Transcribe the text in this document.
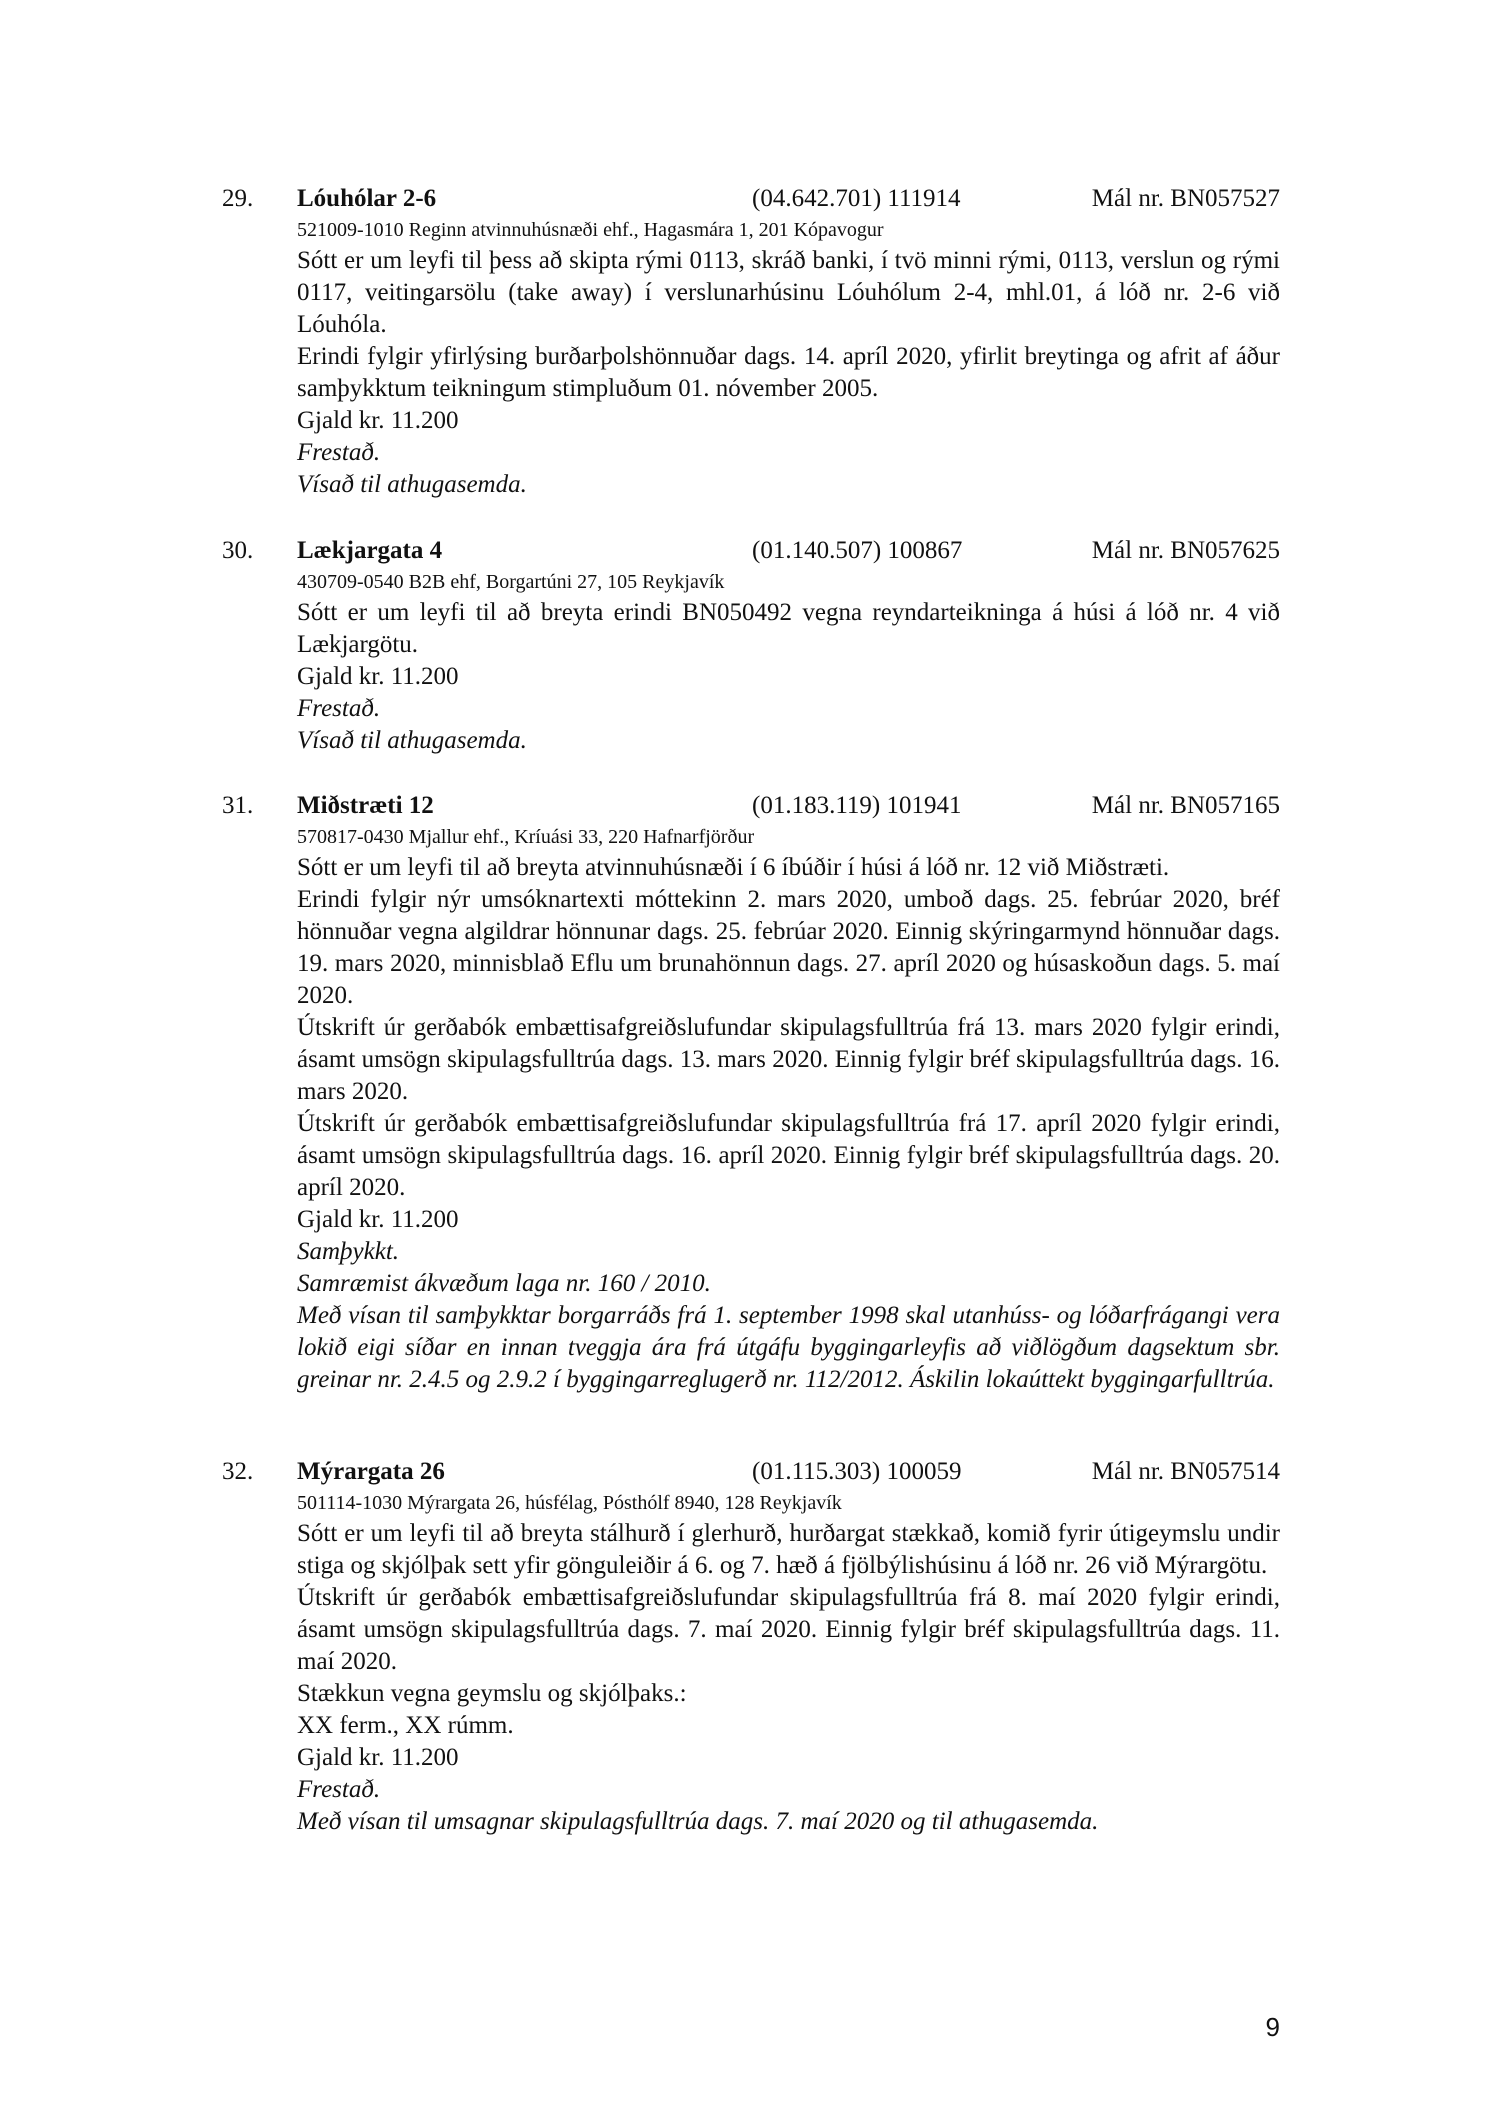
29. Lóuhólar 2-6	(04.642.701) 111914	Mál nr. BN057527
521009-1010 Reginn atvinnuhúsnæði ehf., Hagasmára 1, 201 Kópavogur
Sótt er um leyfi til þess að skipta rými 0113, skráð banki, í tvö minni rými, 0113, verslun og rými 0117, veitingarsölu (take away) í verslunarhúsinu Lóuhólum 2-4, mhl.01, á lóð nr. 2-6 við Lóuhóla.
Erindi fylgir yfirlýsing burðarþolshönnuðar dags. 14. apríl 2020, yfirlit breytinga og afrit af áður samþykktum teikningum stimpluðum 01. nóvember 2005.
Gjald kr. 11.200
Frestað.
Vísað til athugasemda.
30. Lækjargata 4	(01.140.507) 100867	Mál nr. BN057625
430709-0540 B2B ehf, Borgartúni 27, 105 Reykjavík
Sótt er um leyfi til að breyta erindi BN050492 vegna reyndarteikninga á húsi á lóð nr. 4 við Lækjargötu.
Gjald kr. 11.200
Frestað.
Vísað til athugasemda.
31. Miðstræti 12	(01.183.119) 101941	Mál nr. BN057165
570817-0430 Mjallur ehf., Kríuási 33, 220 Hafnarfjörður
Sótt er um leyfi til að breyta atvinnuhúsnæði í 6 íbúðir í húsi á lóð nr. 12 við Miðstræti.
Erindi fylgir nýr umsóknartexti móttekinn 2. mars 2020, umboð dags. 25. febrúar 2020, bréf hönnuðar vegna algildrar hönnunar dags. 25. febrúar 2020. Einnig skýringarmynd hönnuðar dags. 19. mars 2020, minnisblað Eflu um brunahönnun dags. 27. apríl 2020 og húsaskoðun dags. 5. maí 2020.
Útskrift úr gerðabók embættisafgreiðslufundar skipulagsfulltrúa frá 13. mars 2020 fylgir erindi, ásamt umsögn skipulagsfulltrúa dags. 13. mars 2020. Einnig fylgir bréf skipulagsfulltrúa dags. 16. mars 2020.
Útskrift úr gerðabók embættisafgreiðslufundar skipulagsfulltrúa frá 17. apríl 2020 fylgir erindi, ásamt umsögn skipulagsfulltrúa dags. 16. apríl 2020. Einnig fylgir bréf skipulagsfulltrúa dags. 20. apríl 2020.
Gjald kr. 11.200
Samþykkt.
Samræmist ákvæðum laga nr. 160 / 2010.
Með vísan til samþykktar borgarráðs frá 1. september 1998 skal utanhúss- og lóðarfrágangi vera lokið eigi síðar en innan tveggja ára frá útgáfu byggingarleyfis að viðlögðum dagsektum sbr. greinar nr. 2.4.5 og 2.9.2 í byggingarreglugerð nr. 112/2012. Áskilin lokaúttekt byggingarfulltrúa.
32. Mýrargata 26	(01.115.303) 100059	Mál nr. BN057514
501114-1030 Mýrargata 26, húsfélag, Pósthólf 8940, 128 Reykjavík
Sótt er um leyfi til að breyta stálhurð í glerhurð, hurðargat stækkað, komið fyrir útigeymslu undir stiga og skjólþak sett yfir gönguleiðir á 6. og 7. hæð á fjölbýlishúsinu á lóð nr. 26 við Mýrargötu.
Útskrift úr gerðabók embættisafgreiðslufundar skipulagsfulltrúa frá 8. maí 2020 fylgir erindi, ásamt umsögn skipulagsfulltrúa dags. 7. maí 2020. Einnig fylgir bréf skipulagsfulltrúa dags. 11. maí 2020.
Stækkun vegna geymslu og skjólþaks.:
XX ferm., XX rúmm.
Gjald kr. 11.200
Frestað.
Með vísan til umsagnar skipulagsfulltrúa dags. 7. maí 2020 og til athugasemda.
9
